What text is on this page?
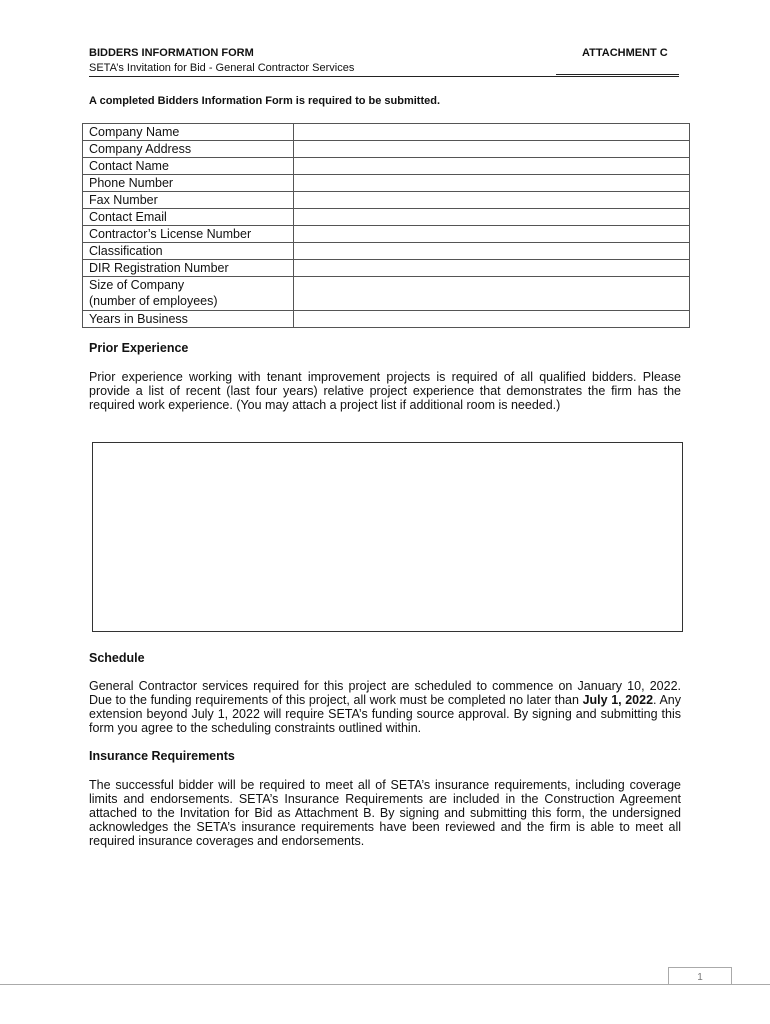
BIDDERS INFORMATION FORM	ATTACHMENT C
SETA’s Invitation for Bid - General Contractor Services
A completed Bidders Information Form is required to be submitted.
Company Name	
Company Address	
Contact Name	
Phone Number	
Fax Number	
Contact Email	
Contractor’s License Number	
Classification	
DIR Registration Number	
Size of Company
(number of employees)	
Years in Business	
Prior Experience
Prior experience working with tenant improvement projects is required of all qualified bidders. Please provide a list of recent (last four years) relative project experience that demonstrates the firm has the required work experience. (You may attach a project list if additional room is needed.)
Schedule
General Contractor services required for this project are scheduled to commence on January 10, 2022. Due to the funding requirements of this project, all work must be completed no later than July 1, 2022. Any extension beyond July 1, 2022 will require SETA’s funding source approval. By signing and submitting this form you agree to the scheduling constraints outlined within.
Insurance Requirements
The successful bidder will be required to meet all of SETA’s insurance requirements, including coverage limits and endorsements. SETA’s Insurance Requirements are included in the Construction Agreement attached to the Invitation for Bid as Attachment B. By signing and submitting this form, the undersigned acknowledges the SETA’s insurance requirements have been reviewed and the firm is able to meet all required insurance coverages and endorsements.
1
